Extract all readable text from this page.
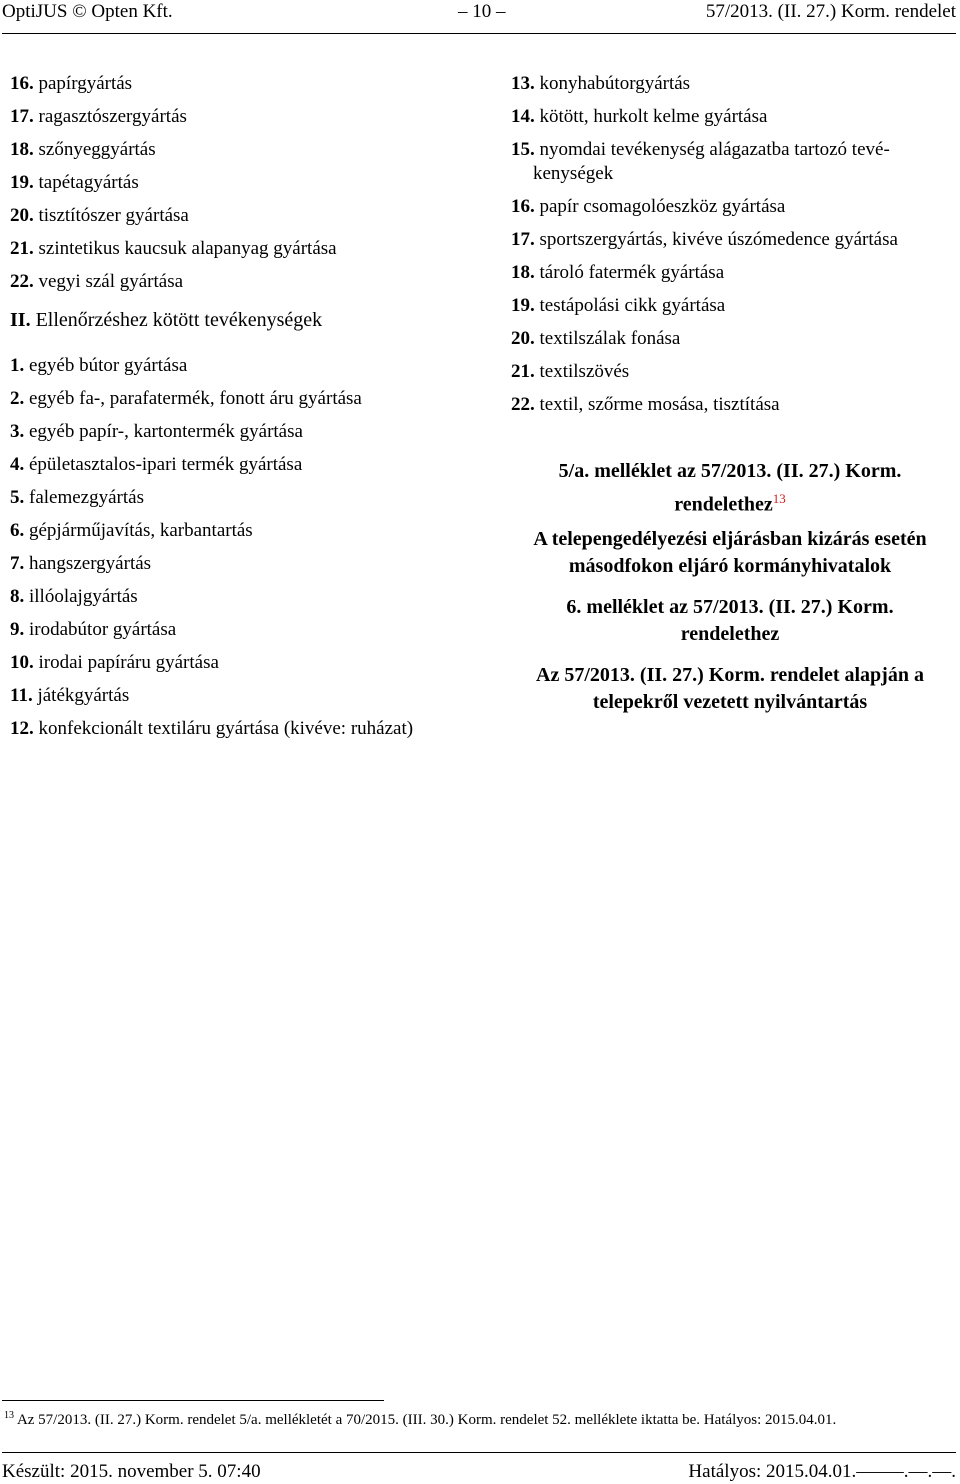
OptiJUS © Opten Kft.	– 10 –	57/2013. (II. 27.) Korm. rendelet
16. papírgyártás
17. ragasztószergyártás
18. szőnyeggyártás
19. tapétagyártás
20. tisztítószer gyártása
21. szintetikus kaucsuk alapanyag gyártása
22. vegyi szál gyártása
II. Ellenőrzéshez kötött tevékenységek
1. egyéb bútor gyártása
2. egyéb fa-, parafatermék, fonott áru gyártása
3. egyéb papír-, kartontermék gyártása
4. épületasztalos-ipari termék gyártása
5. falemezgyártás
6. gépjárműjavítás, karbantartás
7. hangszergyártás
8. illóolajgyártás
9. irodabútor gyártása
10. irodai papíráru gyártása
11. játékgyártás
12. konfekcionált textiláru gyártása (kivéve: ruházat)
13. konyhabútorgyártás
14. kötött, hurkolt kelme gyártása
15. nyomdai tevékenység alágazatba tartozó tevé-
kenységek
16. papír csomagolóeszköz gyártása
17. sportszergyártás, kivéve úszómedence gyártása
18. tároló fatermék gyártása
19. testápolási cikk gyártása
20. textilszálak fonása
21. textilszövés
22. textil, szőrme mosása, tisztítása
5/a. melléklet az 57/2013. (II. 27.) Korm.
rendelethez$^{13}$
A telepengedélyezési eljárásban kizárás esetén
másodfokon eljáró kormányhivatalok
6. melléklet az 57/2013. (II. 27.) Korm.
rendelethez
Az 57/2013. (II. 27.) Korm. rendelet alapján a
telepekről vezetett nyilvántartás
$^{13}$ Az 57/2013. (II. 27.) Korm. rendelet 5/a. mellékletét a 70/2015. (III. 30.) Korm. rendelet 52. melléklete iktatta be. Hatályos: 2015.04.01.
Készült: 2015. november 5. 07:40	Hatályos: 2015.04.01.–––––.––.––.
